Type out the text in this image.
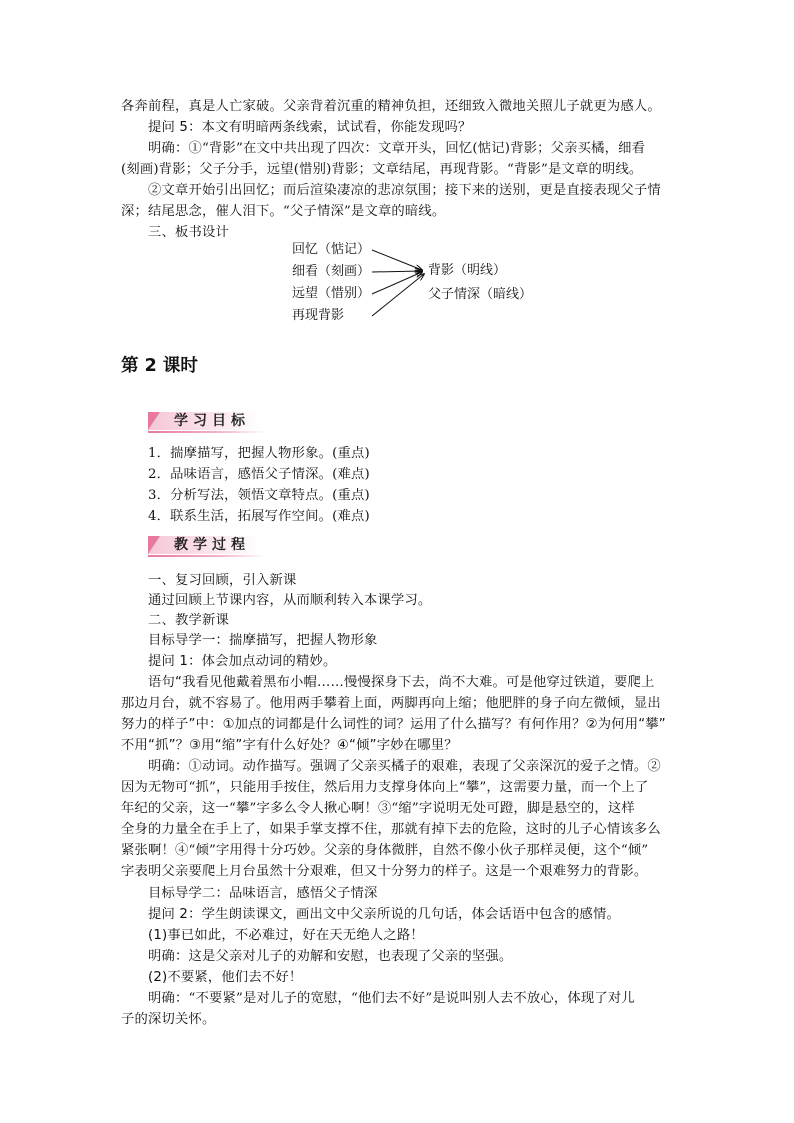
各奔前程，真是人亡家破。父亲背着沉重的精神负担，还细致入微地关照儿子就更为感人。
提问 5：本文有明暗两条线索，试试看，你能发现吗？
明确：①“背影”在文中共出现了四次：文章开头，回忆(惦记)背影；父亲买橘，细看
(刻画)背影；父子分手，远望(惜别)背影；文章结尾，再现背影。“背影”是文章的明线。
②文章开始引出回忆；而后渲染凄凉的悲凉氛围；接下来的送别，更是直接表现父子情
深；结尾思念，催人泪下。“父子情深”是文章的暗线。
三、板书设计
回忆（惦记）
细看（刻画）
远望（惜别）
再现背影
背影（明线）
父子情深（暗线）
第 2 课时
学习目标
1．揣摩描写，把握人物形象。(重点)
2．品味语言，感悟父子情深。(难点)
3．分析写法，领悟文章特点。(重点)
4．联系生活，拓展写作空间。(难点)
教学过程
一、复习回顾，引入新课
通过回顾上节课内容，从而顺利转入本课学习。
二、教学新课
目标导学一：揣摩描写，把握人物形象
提问 1：体会加点动词的精妙。
语句“我看见他戴着黑布小帽……慢慢探身下去，尚不大难。可是他穿过铁道，要爬上
那边月台，就不容易了。他用两手攀着上面，两脚再向上缩；他肥胖的身子向左微倾，显出
努力的样子”中：①加点的词都是什么词性的词？运用了什么描写？有何作用？②为何用“攀”
不用“抓”？③用“缩”字有什么好处？④“倾”字妙在哪里？
明确：①动词。动作描写。强调了父亲买橘子的艰难，表现了父亲深沉的爱子之情。②
因为无物可“抓”，只能用手按住，然后用力支撑身体向上“攀”，这需要力量，而一个上了
年纪的父亲，这一“攀”字多么令人揪心啊！③“缩”字说明无处可蹬，脚是悬空的，这样
全身的力量全在手上了，如果手掌支撑不住，那就有掉下去的危险，这时的儿子心情该多么
紧张啊！④“倾”字用得十分巧妙。父亲的身体微胖，自然不像小伙子那样灵便，这个“倾”
字表明父亲要爬上月台虽然十分艰难，但又十分努力的样子。这是一个艰难努力的背影。
目标导学二：品味语言，感悟父子情深
提问 2：学生朗读课文，画出文中父亲所说的几句话，体会话语中包含的感情。
(1)事已如此，不必难过，好在天无绝人之路！
明确：这是父亲对儿子的劝解和安慰，也表现了父亲的坚强。
(2)不要紧，他们去不好！
明确：“不要紧”是对儿子的宽慰，“他们去不好”是说叫别人去不放心，体现了对儿
子的深切关怀。
